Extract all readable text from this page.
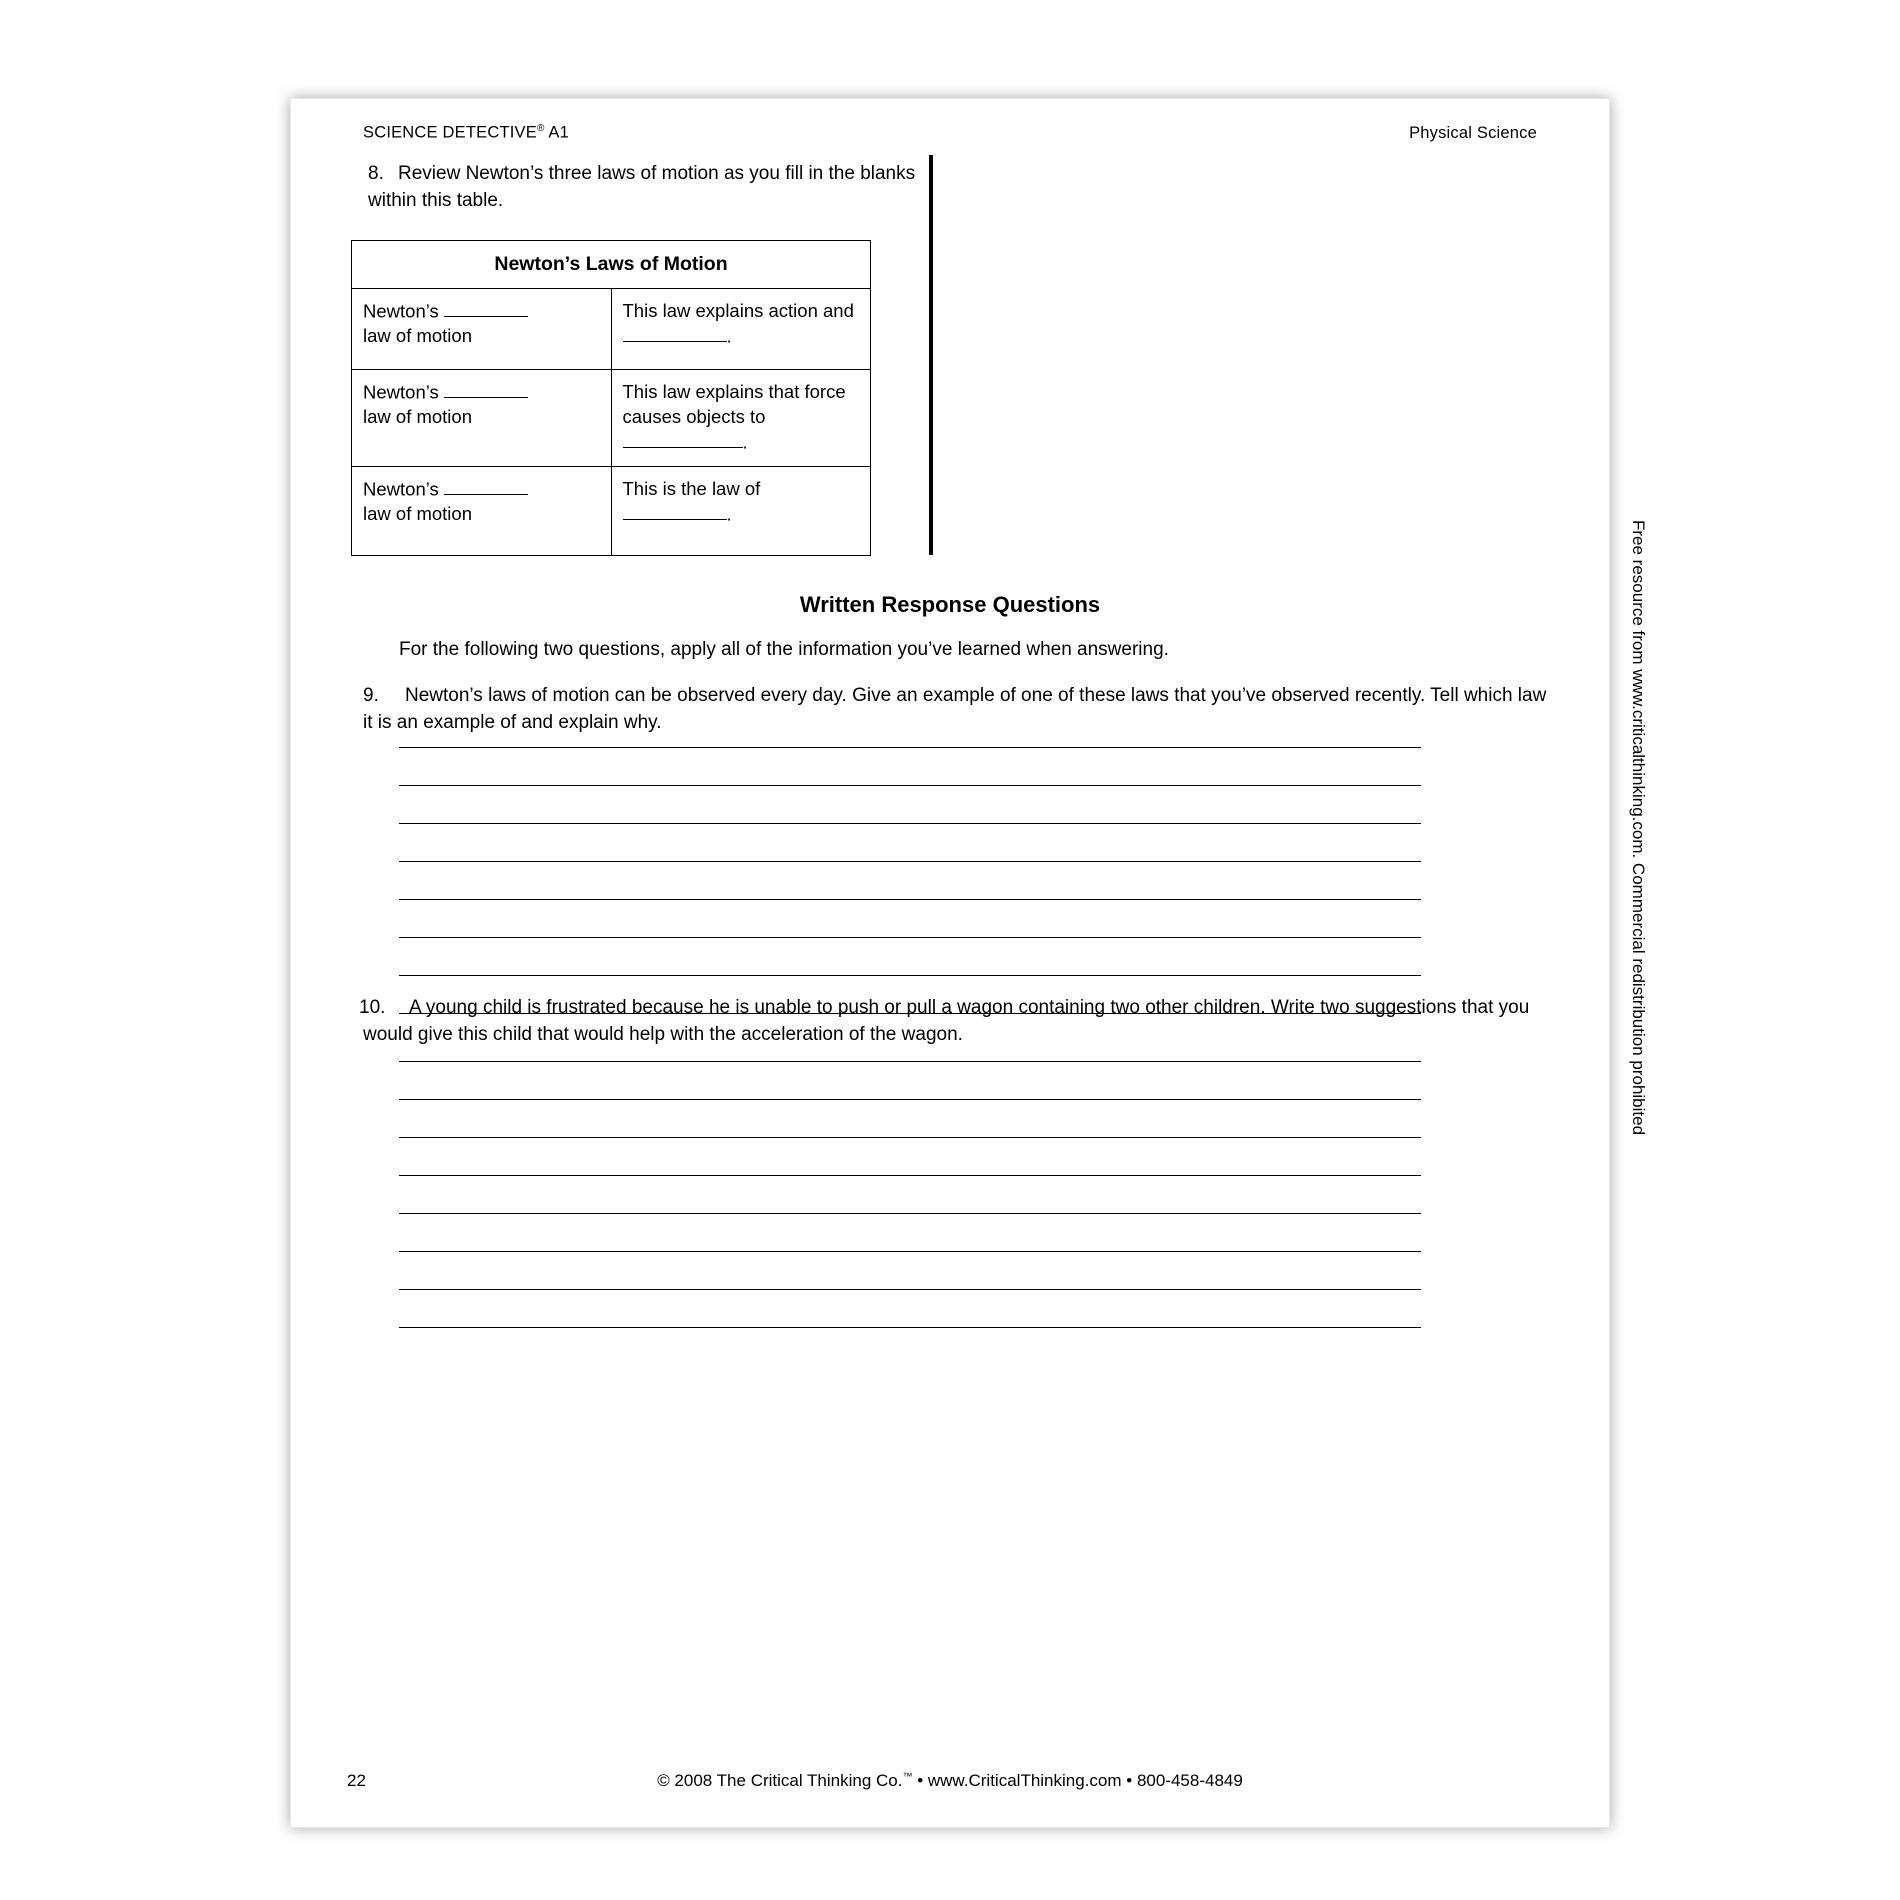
Free resource from www.criticalthinking.com. Commercial redistribution prohibited
SCIENCE DETECTIVE® A1	Physical Science
8. Review Newton’s three laws of motion as you fill in the blanks within this table.
Newton’s Laws of Motion	
Newton’s
law of motion	This law explains action and .
Newton’s
law of motion	This law explains that force causes objects to .
Newton’s
law of motion	This is the law of .
Written Response Questions
For the following two questions, apply all of the information you’ve learned when answering.
9. Newton’s laws of motion can be observed every day. Give an example of one of these laws that you’ve observed recently. Tell which law it is an example of and explain why.
10. A young child is frustrated because he is unable to push or pull a wagon containing two other children. Write two suggestions that you would give this child that would help with the acceleration of the wagon.
22	© 2008 The Critical Thinking Co.™ • www.CriticalThinking.com • 800-458-4849
